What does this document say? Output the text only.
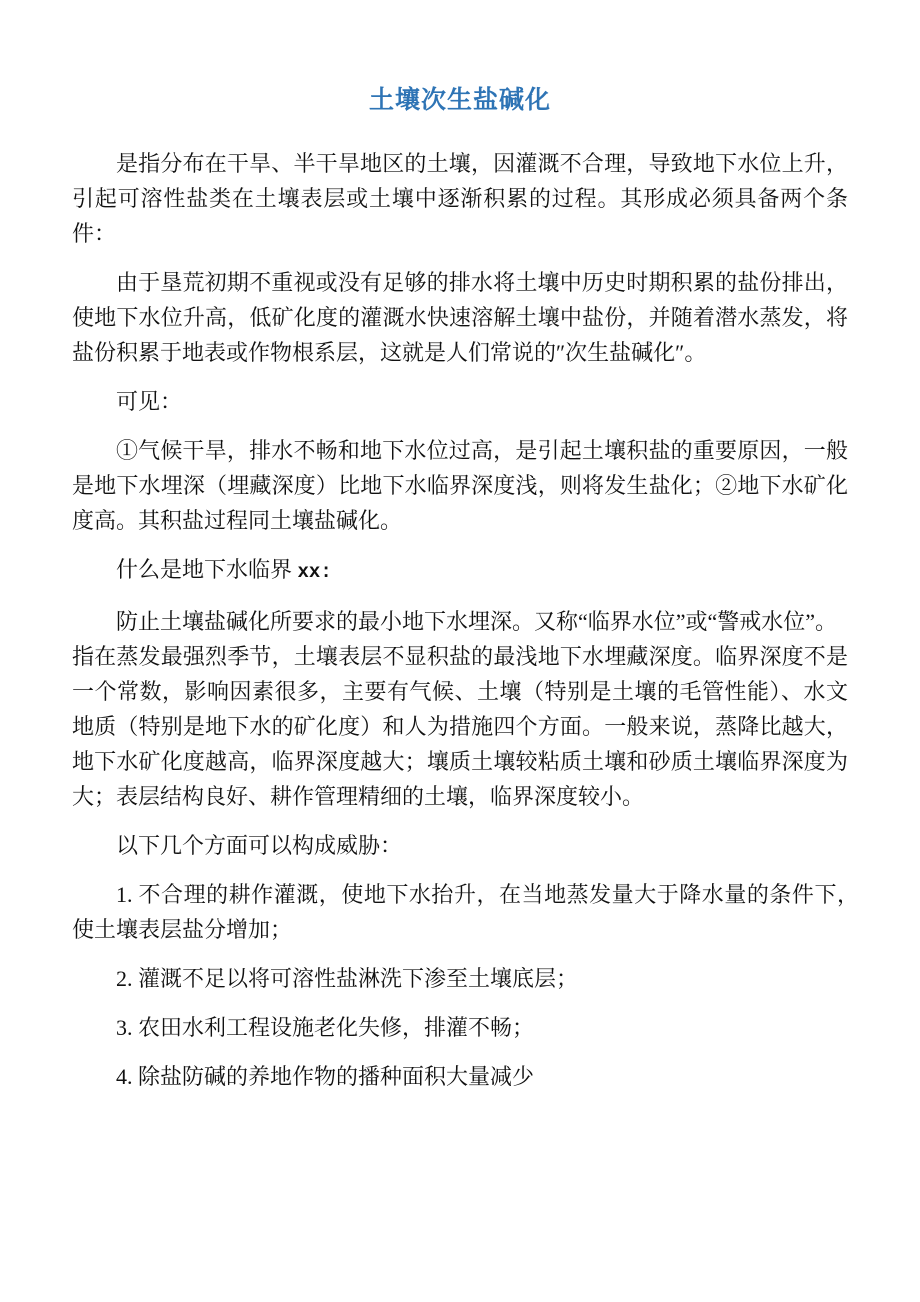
土壤次生盐碱化

是指分布在干旱、半干旱地区的土壤，因灌溉不合理，导致地下水位上升，引起可溶性盐类在土壤表层或土壤中逐渐积累的过程。其形成必须具备两个条件：

由于垦荒初期不重视或没有足够的排水将土壤中历史时期积累的盐份排出，使地下水位升高，低矿化度的灌溉水快速溶解土壤中盐份，并随着潜水蒸发，将盐份积累于地表或作物根系层，这就是人们常说的″次生盐碱化″。

可见：

①气候干旱，排水不畅和地下水位过高，是引起土壤积盐的重要原因，一般是地下水埋深（埋藏深度）比地下水临界深度浅，则将发生盐化；②地下水矿化度高。其积盐过程同土壤盐碱化。

什么是地下水临界 xx:

防止土壤盐碱化所要求的最小地下水埋深。又称“临界水位”或“警戒水位”。

指在蒸发最强烈季节，土壤表层不显积盐的最浅地下水埋藏深度。临界深度不是一个常数，影响因素很多，主要有气候、土壤（特别是土壤的毛管性能）、水文地质（特别是地下水的矿化度）和人为措施四个方面。一般来说，蒸降比越大，地下水矿化度越高，临界深度越大；壤质土壤较粘质土壤和砂质土壤临界深度为大；表层结构良好、耕作管理精细的土壤，临界深度较小。

以下几个方面可以构成威胁：

1. 不合理的耕作灌溉，使地下水抬升，在当地蒸发量大于降水量的条件下，　使土壤表层盐分增加；

2. 灌溉不足以将可溶性盐淋洗下渗至土壤底层；

3. 农田水利工程设施老化失修，排灌不畅；

4. 除盐防碱的养地作物的播种面积大量减少
